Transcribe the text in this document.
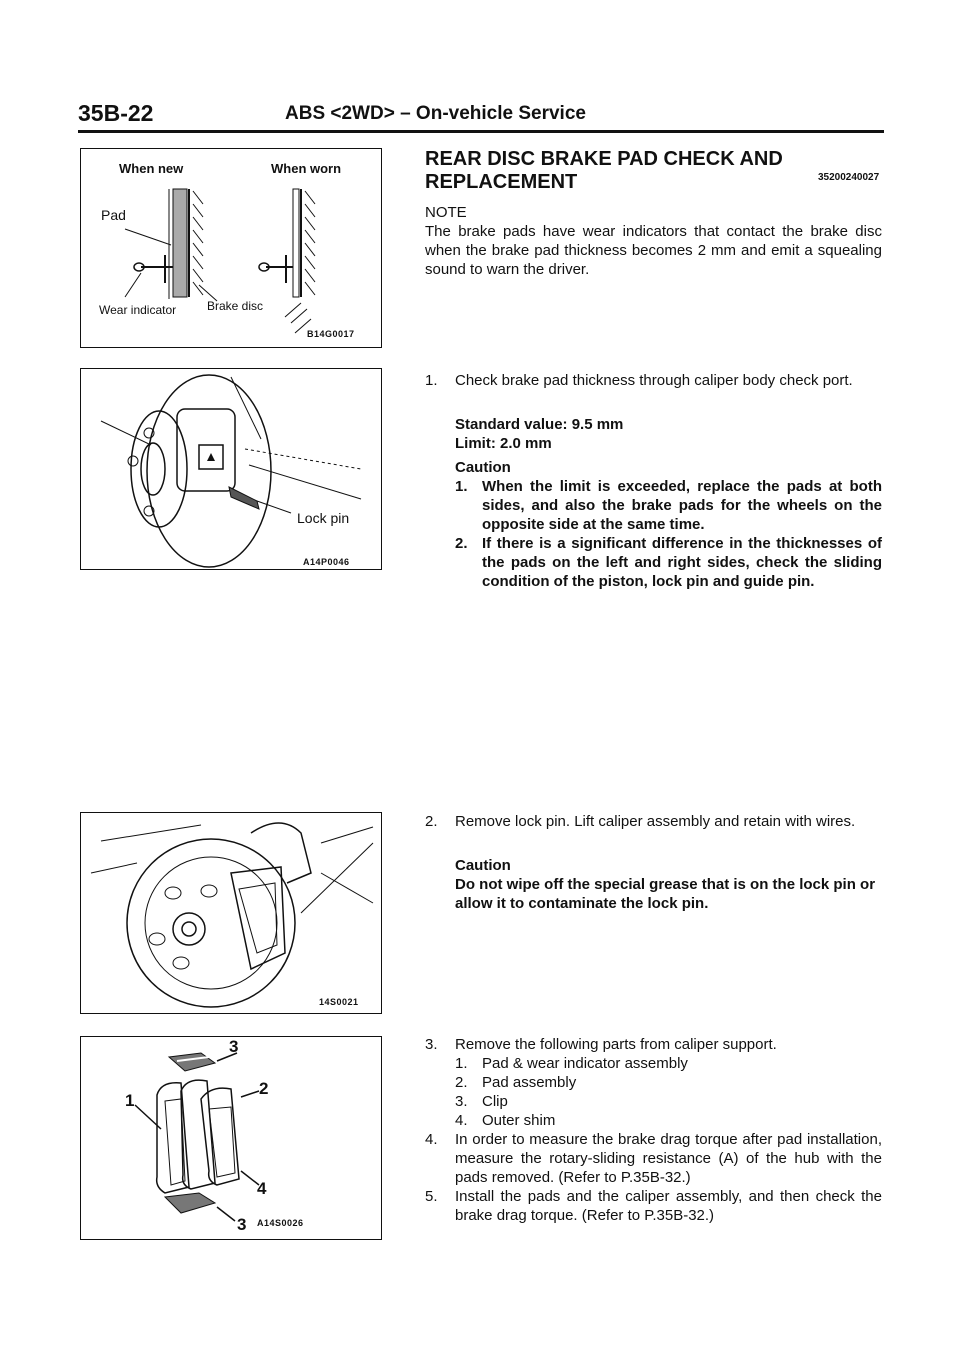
35B-22	ABS <2WD> – On-vehicle Service
When new	When worn
Pad
Wear indicator	Brake disc
B14G0017
Lock pin
A14P0046
14S0021
3
2
1
4
3 A14S0026
REAR DISC BRAKE PAD CHECK AND
REPLACEMENT	35200240027
NOTE
The brake pads have wear indicators that contact the brake disc when the brake pad thickness becomes 2 mm and emit a squealing sound to warn the driver.
1. Check brake pad thickness through caliper body check port.
Standard value: 9.5 mm
Limit: 2.0 mm
Caution
1. When the limit is exceeded, replace the pads at both sides, and also the brake pads for the wheels on the opposite side at the same time.
2. If there is a significant difference in the thicknesses of the pads on the left and right sides, check the sliding condition of the piston, lock pin and guide pin.
2. Remove lock pin. Lift caliper assembly and retain with wires.
Caution
Do not wipe off the special grease that is on the lock pin or allow it to contaminate the lock pin.
3. Remove the following parts from caliper support.
1. Pad & wear indicator assembly
2. Pad assembly
3. Clip
4. Outer shim
4. In order to measure the brake drag torque after pad installation, measure the rotary-sliding resistance (A) of the hub with the pads removed. (Refer to P.35B-32.)
5. Install the pads and the caliper assembly, and then check the brake drag torque. (Refer to P.35B-32.)
